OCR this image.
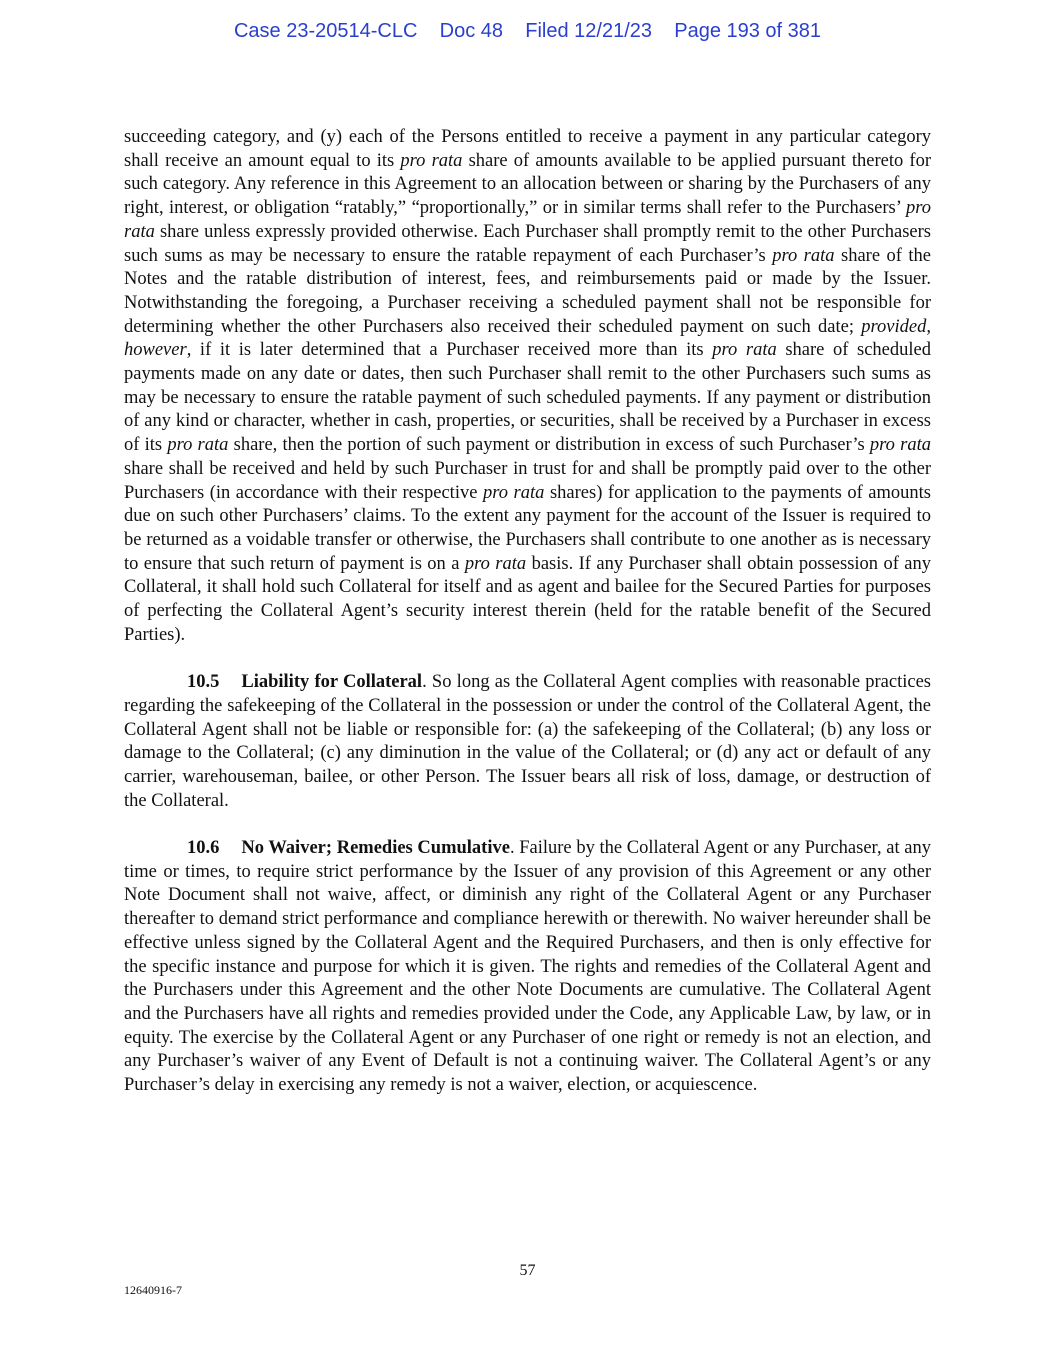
Case 23-20514-CLC Doc 48 Filed 12/21/23 Page 193 of 381

succeeding category, and (y) each of the Persons entitled to receive a payment in any particular category shall receive an amount equal to its pro rata share of amounts available to be applied pursuant thereto for such category. Any reference in this Agreement to an allocation between or sharing by the Purchasers of any right, interest, or obligation “ratably,” “proportionally,” or in similar terms shall refer to the Purchasers’ pro rata share unless expressly provided otherwise. Each Purchaser shall promptly remit to the other Purchasers such sums as may be necessary to ensure the ratable repayment of each Purchaser’s pro rata share of the Notes and the ratable distribution of interest, fees, and reimbursements paid or made by the Issuer. Notwithstanding the foregoing, a Purchaser receiving a scheduled payment shall not be responsible for determining whether the other Purchasers also received their scheduled payment on such date; provided, however, if it is later determined that a Purchaser received more than its pro rata share of scheduled payments made on any date or dates, then such Purchaser shall remit to the other Purchasers such sums as may be necessary to ensure the ratable payment of such scheduled payments. If any payment or distribution of any kind or character, whether in cash, properties, or securities, shall be received by a Purchaser in excess of its pro rata share, then the portion of such payment or distribution in excess of such Purchaser’s pro rata share shall be received and held by such Purchaser in trust for and shall be promptly paid over to the other Purchasers (in accordance with their respective pro rata shares) for application to the payments of amounts due on such other Purchasers’ claims. To the extent any payment for the account of the Issuer is required to be returned as a voidable transfer or otherwise, the Purchasers shall contribute to one another as is necessary to ensure that such return of payment is on a pro rata basis. If any Purchaser shall obtain possession of any Collateral, it shall hold such Collateral for itself and as agent and bailee for the Secured Parties for purposes of perfecting the Collateral Agent’s security interest therein (held for the ratable benefit of the Secured Parties).

10.5 Liability for Collateral. So long as the Collateral Agent complies with reasonable practices regarding the safekeeping of the Collateral in the possession or under the control of the Collateral Agent, the Collateral Agent shall not be liable or responsible for: (a) the safekeeping of the Collateral; (b) any loss or damage to the Collateral; (c) any diminution in the value of the Collateral; or (d) any act or default of any carrier, warehouseman, bailee, or other Person. The Issuer bears all risk of loss, damage, or destruction of the Collateral.

10.6 No Waiver; Remedies Cumulative. Failure by the Collateral Agent or any Purchaser, at any time or times, to require strict performance by the Issuer of any provision of this Agreement or any other Note Document shall not waive, affect, or diminish any right of the Collateral Agent or any Purchaser thereafter to demand strict performance and compliance herewith or therewith. No waiver hereunder shall be effective unless signed by the Collateral Agent and the Required Purchasers, and then is only effective for the specific instance and purpose for which it is given. The rights and remedies of the Collateral Agent and the Purchasers under this Agreement and the other Note Documents are cumulative. The Collateral Agent and the Purchasers have all rights and remedies provided under the Code, any Applicable Law, by law, or in equity. The exercise by the Collateral Agent or any Purchaser of one right or remedy is not an election, and any Purchaser’s waiver of any Event of Default is not a continuing waiver. The Collateral Agent’s or any Purchaser’s delay in exercising any remedy is not a waiver, election, or acquiescence.

57
12640916-7
